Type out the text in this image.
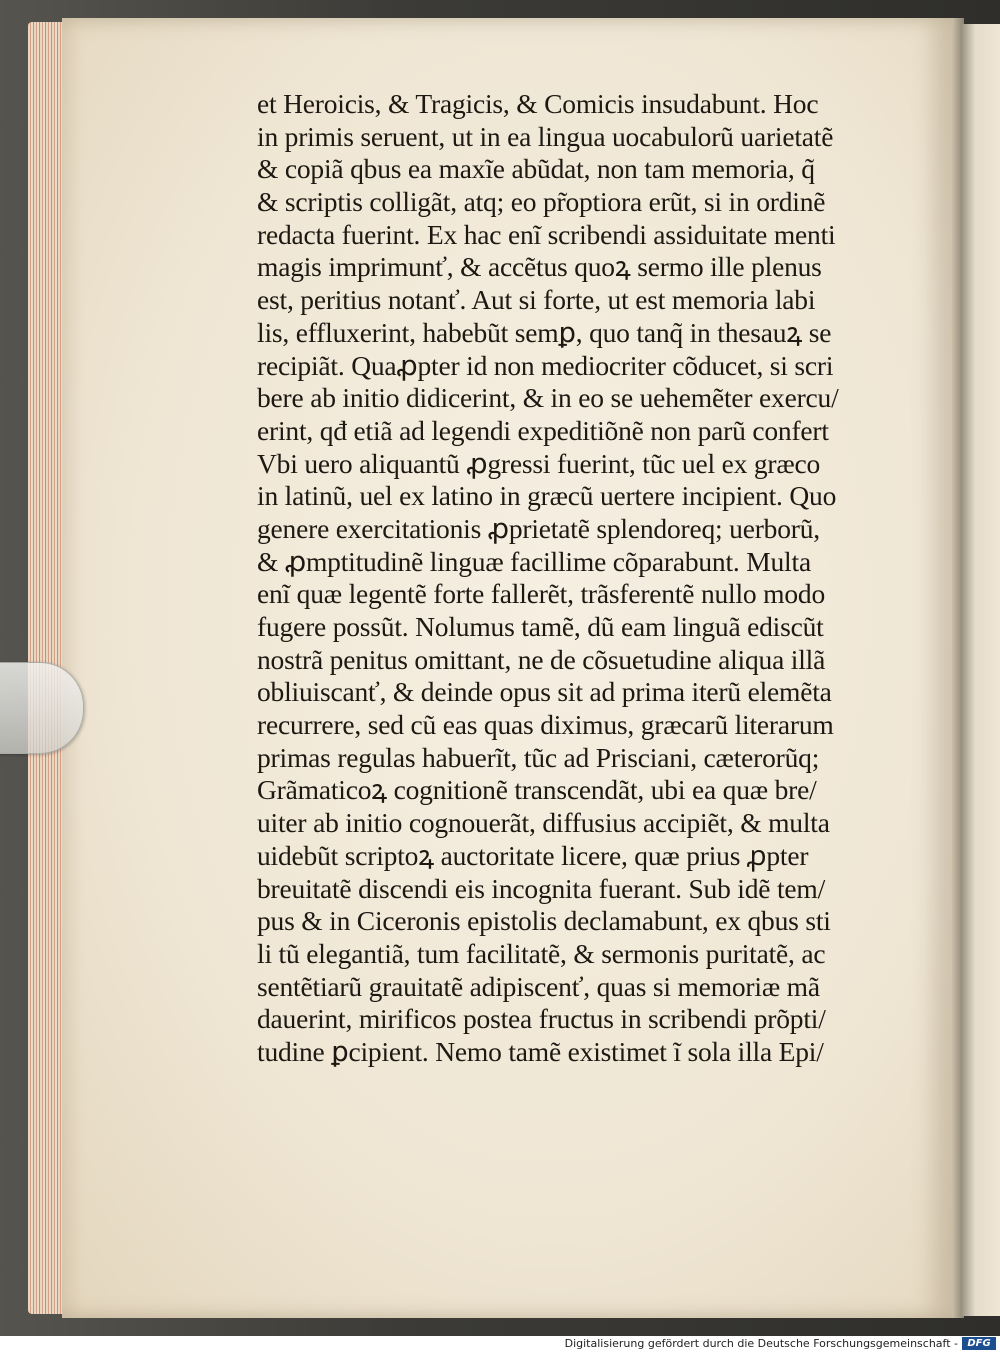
et Heroicis, & Tragicis, & Comicis insudabunt. Hoc
in primis seruent, ut in ea lingua uocabulorũ uarietatẽ
& copiã qbus ea maxĩe abũdat, non tam memoria, q̃
& scriptis colligãt, atq; eo pr̃optiora erũt, si in ordinẽ
redacta fuerint. Ex hac enĩ scribendi assiduitate menti
magis imprimunť, & accẽtus quoꝝ sermo ille plenus
est, peritius notanť. Aut si forte, ut est memoria labi
lis, effluxerint, habebũt semꝑ, quo tanq̃ in thesauꝝ se
recipiãt. Quaꝓpter id non mediocriter cõducet, si scri
bere ab initio didicerint, & in eo se uehemẽter exercu/
erint, qđ etiã ad legendi expeditiõnẽ non parũ confert
Vbi uero aliquantũ ꝓgressi fuerint, tũc uel ex græco
in latinũ, uel ex latino in græcũ uertere incipient. Quo
genere exercitationis ꝓprietatẽ splendoreq; uerborũ,
& ꝓmptitudinẽ linguæ facillime cõparabunt. Multa
enĩ quæ legentẽ forte fallerẽt, trãsferentẽ nullo modo
fugere possũt. Nolumus tamẽ, dũ eam linguã ediscũt
nostrã penitus omittant, ne de cõsuetudine aliqua illã
obliuiscanť, & deinde opus sit ad prima iterũ elemẽta
recurrere, sed cũ eas quas diximus, græcarũ literarum
primas regulas habuerĩt, tũc ad Prisciani, cæterorũq;
Grãmaticoꝝ cognitionẽ transcendãt, ubi ea quæ bre/
uiter ab initio cognouerãt, diffusius accipiẽt, & multa
uidebũt scriptoꝝ auctoritate licere, quæ prius ꝓpter
breuitatẽ discendi eis incognita fuerant. Sub idẽ tem/
pus & in Ciceronis epistolis declamabunt, ex qbus sti
li tũ elegantiã, tum facilitatẽ, & sermonis puritatẽ, ac
sentẽtiarũ grauitatẽ adipiscenť, quas si memoriæ mã
dauerint, mirificos postea fructus in scribendi prõpti/
tudine ꝑcipient. Nemo tamẽ existimet ĩ sola illa Epi/
Digitalisierung gefördert durch die Deutsche Forschungsgemeinschaft - DFG
